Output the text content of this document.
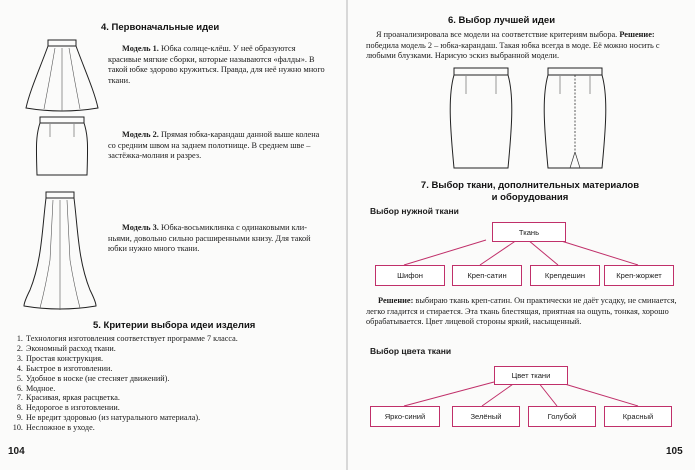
4. Первоначальные идеи
Модель 1. Юбка солнце-клёш. У неё образуются красивые мягкие сборки, которые называются «фалды». В такой юбке здорово кружиться. Правда, для неё нужно много ткани.
Модель 2. Прямая юбка-карандаш данной выше колена со средним швом на заднем полотнище. В среднем шве – застёжка-молния и разрез.
Модель 3. Юбка-восьмиклинка с одинаковыми клиньями, довольно сильно расширенными книзу. Для такой юбки нужно много ткани.
5. Критерии выбора идеи изделия
1. Технология изготовления соответствует программе 7 класса.
2. Экономный расход ткани.
3. Простая конструкция.
4. Быстрое в изготовлении.
5. Удобное в носке (не стесняет движений).
6. Модное.
7. Красивая, яркая расцветка.
8. Недорогое в изготовлении.
9. Не вредит здоровью (из натурального материала).
10. Несложное в уходе.
104
6. Выбор лучшей идеи
Я проанализировала все модели на соответствие критериям выбора. Решение: победила модель 2 – юбка-карандаш. Такая юбка всегда в моде. Её можно носить с любыми блузками. Нарисую эскиз выбранной модели.
7. Выбор ткани, дополнительных материалов
и оборудования
Выбор нужной ткани
Ткань
Шифон	Креп-сатин	Крепдешин	Креп-жоржет
Решение: выбираю ткань креп-сатин. Он практически не даёт усадку, не сминается, легко гладится и стирается. Эта ткань блестящая, приятная на ощупь, тонкая, хорошо обрабатывается. Цвет лицевой стороны яркий, насыщенный.
Выбор цвета ткани
Цвет ткани
Ярко-синий	Зелёный	Голубой	Красный
105
